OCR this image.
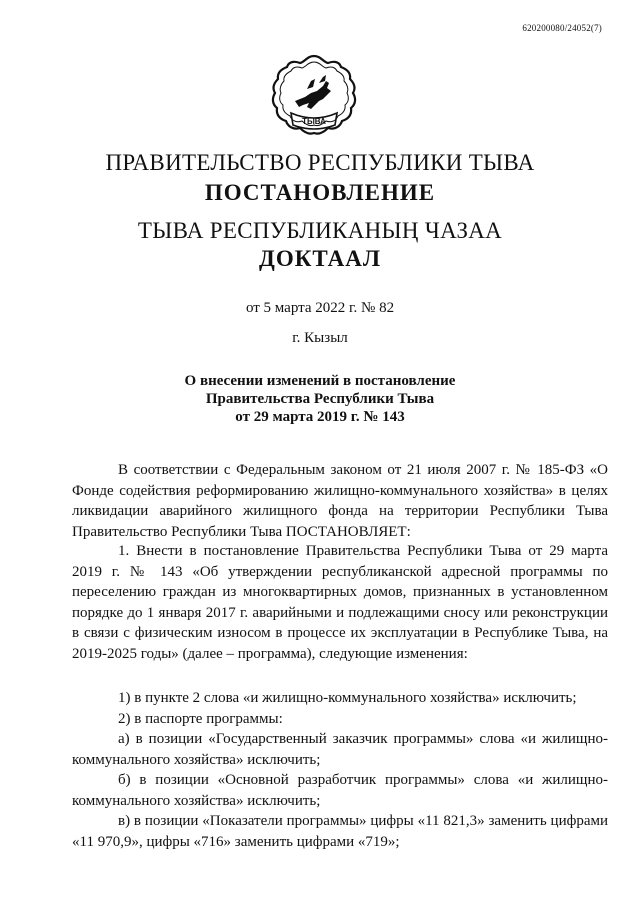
620200080/24052(7)
ТЫВА
ПРАВИТЕЛЬСТВО РЕСПУБЛИКИ ТЫВА
ПОСТАНОВЛЕНИЕ
ТЫВА РЕСПУБЛИКАНЫҢ ЧАЗАА
ДОКТААЛ
от 5 марта 2022 г. № 82
г. Кызыл
О внесении изменений в постановление
Правительства Республики Тыва
от 29 марта 2019 г. № 143
В соответствии с Федеральным законом от 21 июля 2007 г. № 185-ФЗ «О Фонде содействия реформированию жилищно-коммунального хозяйства» в целях ликвидации аварийного жилищного фонда на территории Республики Тыва Правительство Республики Тыва ПОСТАНОВЛЯЕТ:
1. Внести в постановление Правительства Республики Тыва от 29 марта 2019 г. № 143 «Об утверждении республиканской адресной программы по переселению граждан из многоквартирных домов, признанных в установленном порядке до 1 января 2017 г. аварийными и подлежащими сносу или реконструкции в связи с физическим износом в процессе их эксплуатации в Республике Тыва, на 2019-2025 годы» (далее – программа), следующие изменения:
1) в пункте 2 слова «и жилищно-коммунального хозяйства» исключить;
2) в паспорте программы:
а) в позиции «Государственный заказчик программы» слова «и жилищно-коммунального хозяйства» исключить;
б) в позиции «Основной разработчик программы» слова «и жилищно-коммунального хозяйства» исключить;
в) в позиции «Показатели программы» цифры «11 821,3» заменить цифрами «11 970,9», цифры «716» заменить цифрами «719»;
